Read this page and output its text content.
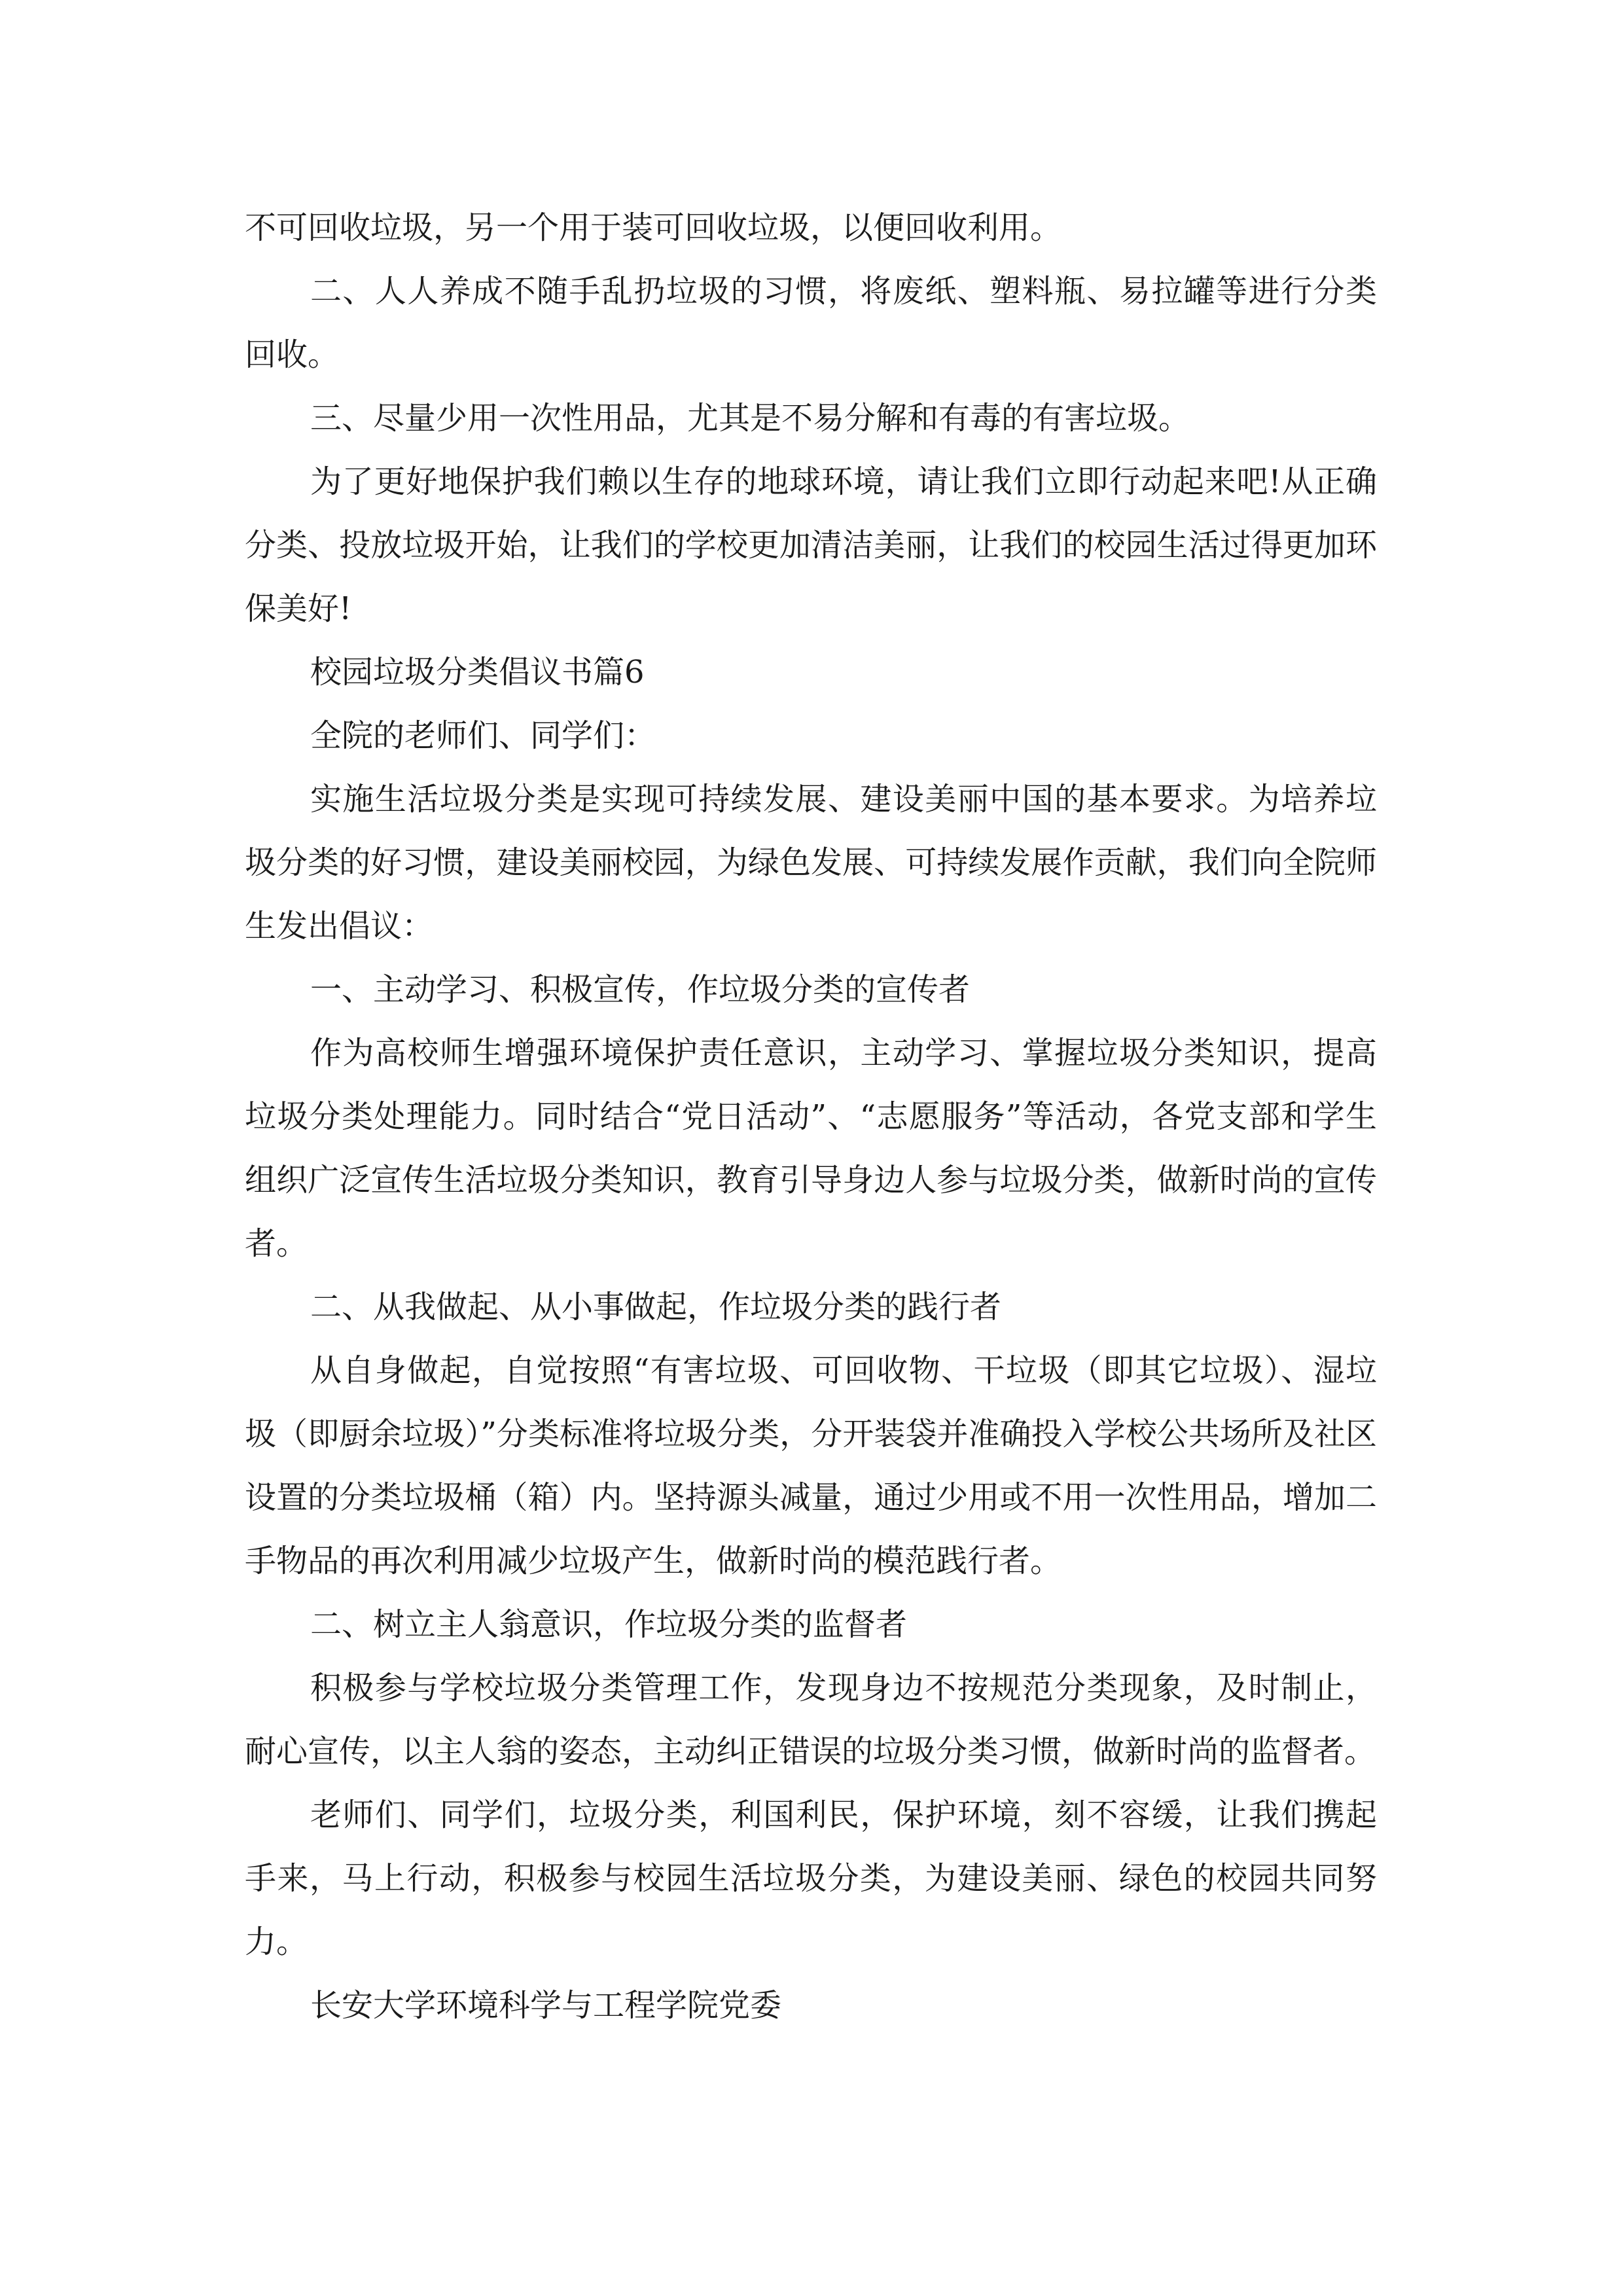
不可回收垃圾，另一个用于装可回收垃圾，以便回收利用。

二、人人养成不随手乱扔垃圾的习惯，将废纸、塑料瓶、易拉罐等进行分类回收。

三、尽量少用一次性用品，尤其是不易分解和有毒的有害垃圾。

为了更好地保护我们赖以生存的地球环境，请让我们立即行动起来吧!从正确分类、投放垃圾开始，让我们的学校更加清洁美丽，让我们的校园生活过得更加环保美好!

校园垃圾分类倡议书篇6

全院的老师们、同学们：

实施生活垃圾分类是实现可持续发展、建设美丽中国的基本要求。为培养垃圾分类的好习惯，建设美丽校园，为绿色发展、可持续发展作贡献，我们向全院师生发出倡议：

一、主动学习、积极宣传，作垃圾分类的宣传者

作为高校师生增强环境保护责任意识，主动学习、掌握垃圾分类知识，提高垃圾分类处理能力。同时结合“党日活动”、“志愿服务”等活动，各党支部和学生组织广泛宣传生活垃圾分类知识，教育引导身边人参与垃圾分类，做新时尚的宣传者。

二、从我做起、从小事做起，作垃圾分类的践行者

从自身做起，自觉按照“有害垃圾、可回收物、干垃圾（即其它垃圾）、湿垃圾（即厨余垃圾）”分类标准将垃圾分类，分开装袋并准确投入学校公共场所及社区设置的分类垃圾桶（箱）内。坚持源头减量，通过少用或不用一次性用品，增加二手物品的再次利用减少垃圾产生，做新时尚的模范践行者。

二、树立主人翁意识，作垃圾分类的监督者

积极参与学校垃圾分类管理工作，发现身边不按规范分类现象，及时制止，耐心宣传，以主人翁的姿态，主动纠正错误的垃圾分类习惯，做新时尚的监督者。

老师们、同学们，垃圾分类，利国利民，保护环境，刻不容缓，让我们携起手来，马上行动，积极参与校园生活垃圾分类，为建设美丽、绿色的校园共同努力。

长安大学环境科学与工程学院党委
